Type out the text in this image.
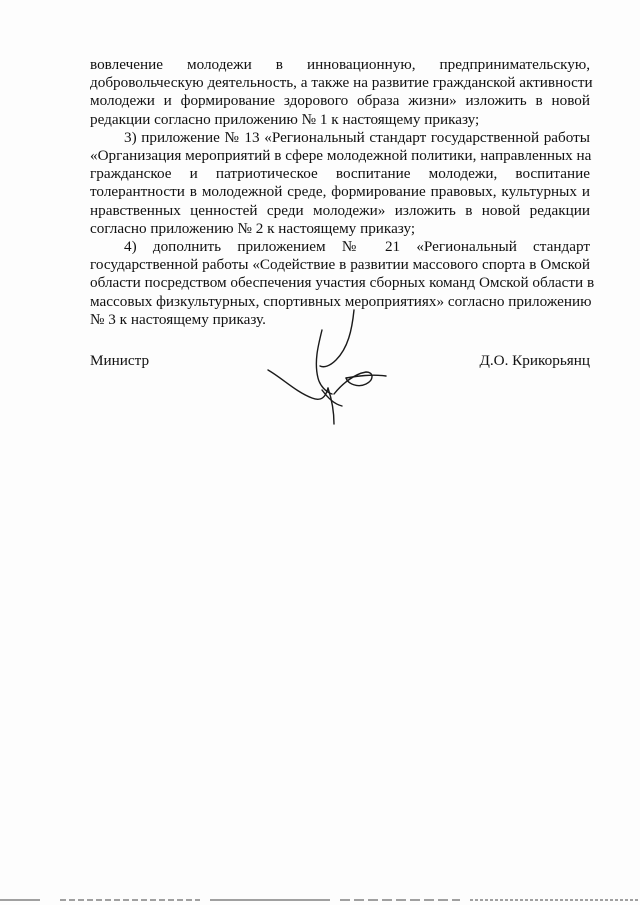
вовлечение молодежи в инновационную, предпринимательскую,
добровольческую деятельность, а также на развитие гражданской активности
молодежи и формирование здорового образа жизни» изложить в новой
редакции согласно приложению № 1 к настоящему приказу;
3) приложение № 13 «Региональный стандарт государственной работы
«Организация мероприятий в сфере молодежной политики, направленных на
гражданское и патриотическое воспитание молодежи, воспитание
толерантности в молодежной среде, формирование правовых, культурных и
нравственных ценностей среди молодежи» изложить в новой редакции
согласно приложению № 2 к настоящему приказу;
4) дополнить приложением № 21 «Региональный стандарт
государственной работы «Содействие в развитии массового спорта в Омской
области посредством обеспечения участия сборных команд Омской области в
массовых физкультурных, спортивных мероприятиях» согласно приложению
№ 3 к настоящему приказу.
Министр	Д.О. Крикорьянц
